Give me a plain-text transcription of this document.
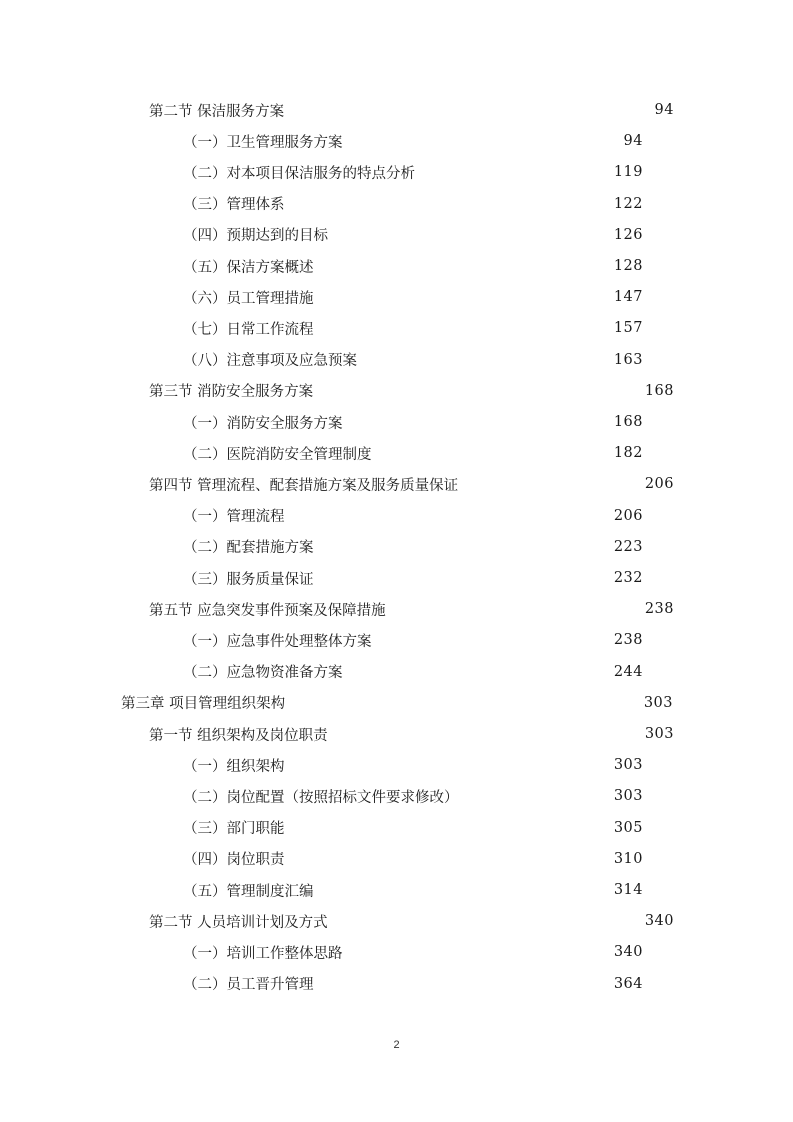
第二节 保洁服务方案	94
（一）卫生管理服务方案	94
（二）对本项目保洁服务的特点分析	119
（三）管理体系	122
（四）预期达到的目标	126
（五）保洁方案概述	128
（六）员工管理措施	147
（七）日常工作流程	157
（八）注意事项及应急预案	163
第三节 消防安全服务方案	168
（一）消防安全服务方案	168
（二）医院消防安全管理制度	182
第四节 管理流程、配套措施方案及服务质量保证	206
（一）管理流程	206
（二）配套措施方案	223
（三）服务质量保证	232
第五节 应急突发事件预案及保障措施	238
（一）应急事件处理整体方案	238
（二）应急物资准备方案	244
第三章 项目管理组织架构	303
第一节 组织架构及岗位职责	303
（一）组织架构	303
（二）岗位配置（按照招标文件要求修改）	303
（三）部门职能	305
（四）岗位职责	310
（五）管理制度汇编	314
第二节 人员培训计划及方式	340
（一）培训工作整体思路	340
（二）员工晋升管理	364
2
